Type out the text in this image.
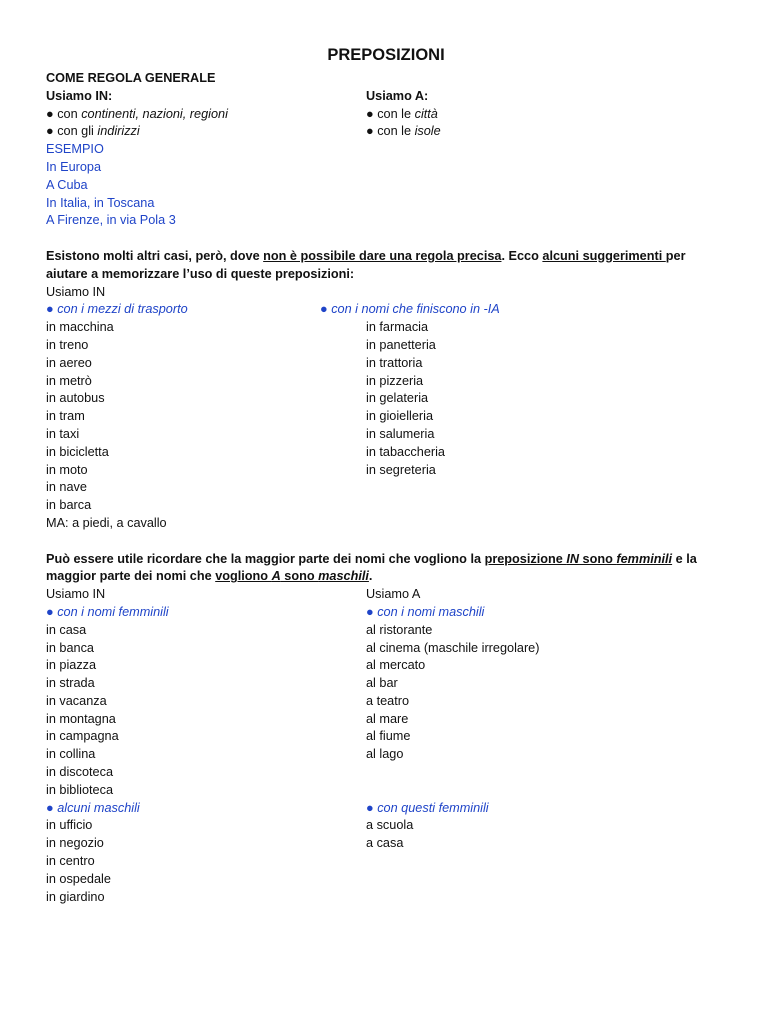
PREPOSIZIONI
COME REGOLA GENERALE
Usiamo IN:
● con continenti, nazioni, regioni
● con gli indirizzi
Usiamo A:
● con le città
● con le isole
ESEMPIO
In Europa
A Cuba
In Italia, in Toscana
A Firenze, in via Pola 3
Esistono molti altri casi, però, dove non è possibile dare una regola precisa. Ecco alcuni suggerimenti per aiutare a memorizzare l’uso di queste preposizioni:
Usiamo IN
● con i mezzi di trasporto	● con i nomi che finiscono in -IA
in macchina
in treno
in aereo
in metrò
in autobus
in tram
in taxi
in bicicletta
in moto
in nave
in barca
MA: a piedi, a cavallo
in farmacia
in panetteria
in trattoria
in pizzeria
in gelateria
in gioielleria
in salumeria
in tabaccheria
in segreteria
Può essere utile ricordare che la maggior parte dei nomi che vogliono la preposizione IN sono femminili e la maggior parte dei nomi che vogliono A sono maschili.
Usiamo IN
● con i nomi femminili
in casa
in banca
in piazza
in strada
in vacanza
in montagna
in campagna
in collina
in discoteca
in biblioteca
● alcuni maschili
in ufficio
in negozio
in centro
in ospedale
in giardino
Usiamo A
● con i nomi maschili
al ristorante
al cinema (maschile irregolare)
al mercato
al bar
a teatro
al mare
al fiume
al lago
● con questi femminili
a scuola
a casa
